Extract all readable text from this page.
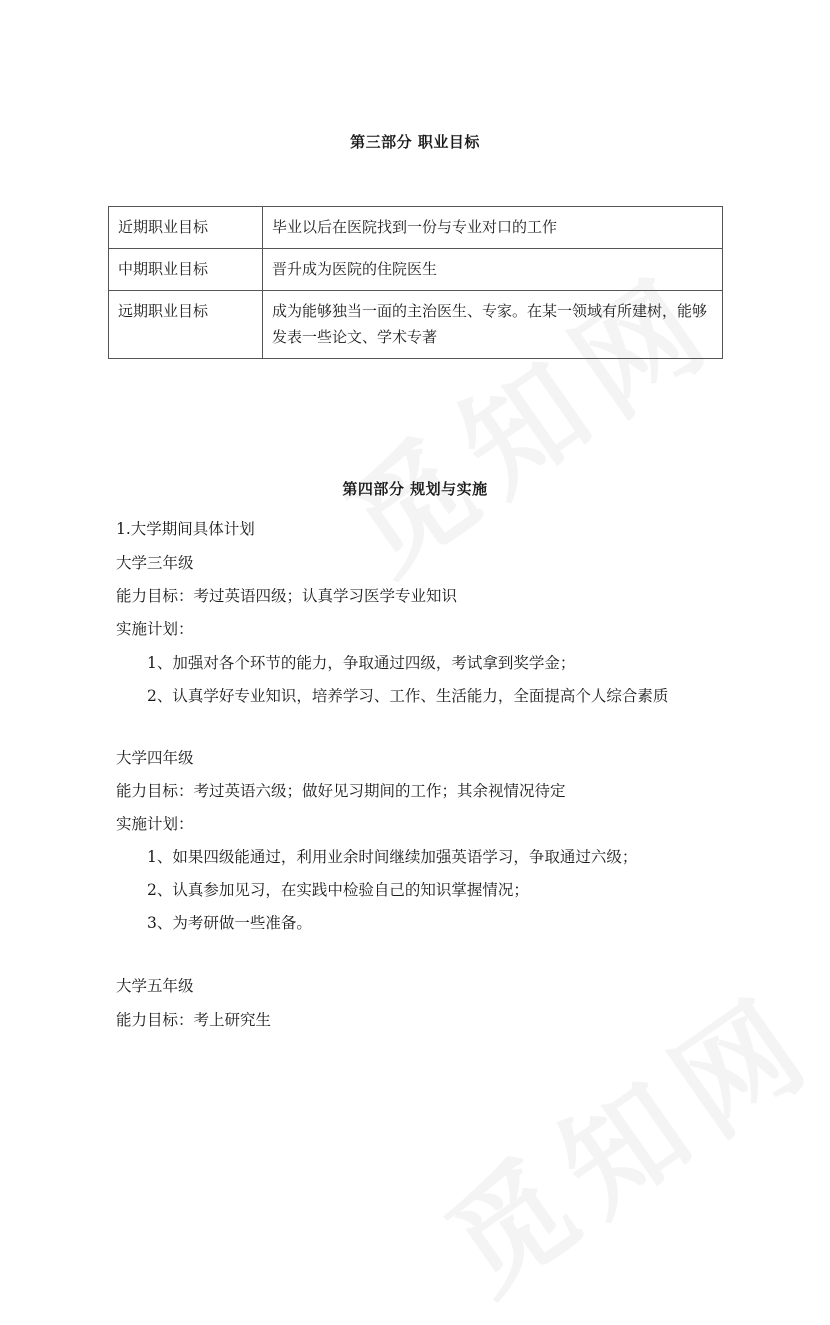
第三部分 职业目标
近期职业目标	毕业以后在医院找到一份与专业对口的工作
中期职业目标	晋升成为医院的住院医生
远期职业目标	成为能够独当一面的主治医生、专家。在某一领域有所建树，能够发表一些论文、学术专著
第四部分 规划与实施
1.大学期间具体计划
大学三年级
能力目标：考过英语四级；认真学习医学专业知识
实施计划：
1、加强对各个环节的能力，争取通过四级，考试拿到奖学金；
2、认真学好专业知识，培养学习、工作、生活能力，全面提高个人综合素质
大学四年级
能力目标：考过英语六级；做好见习期间的工作；其余视情况待定
实施计划：
1、如果四级能通过，利用业余时间继续加强英语学习，争取通过六级；
2、认真参加见习，在实践中检验自己的知识掌握情况；
3、为考研做一些准备。
大学五年级
能力目标：考上研究生
